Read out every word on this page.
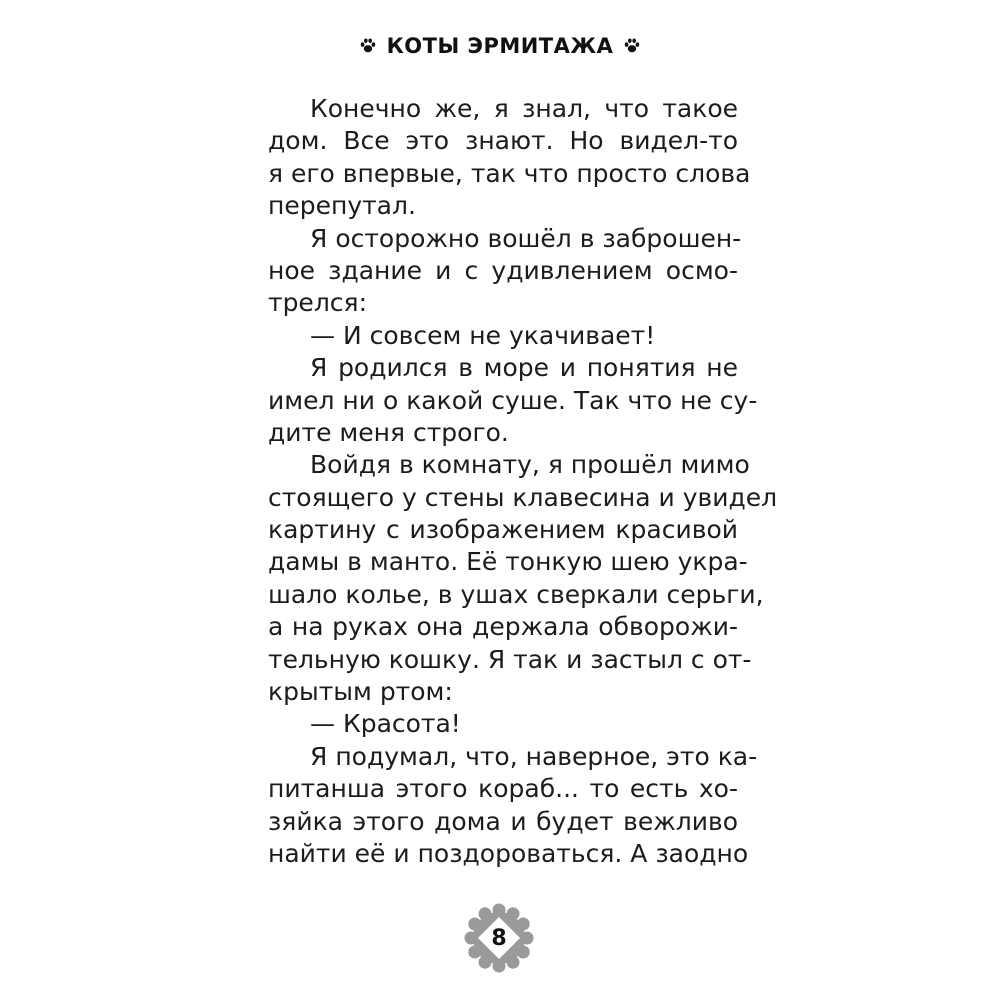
КОТЫ ЭРМИТАЖА
Конечно же, я знал, что такое
дом. Все это знают. Но видел-то
я его впервые, так что просто слова
перепутал.
Я осторожно вошёл в заброшен-
ное здание и с удивлением осмо-
трелся:
— И совсем не укачивает!
Я родился в море и понятия не
имел ни о какой суше. Так что не су-
дите меня строго.
Войдя в комнату, я прошёл мимо
стоящего у стены клавесина и увидел
картину с изображением красивой
дамы в манто. Её тонкую шею укра-
шало колье, в ушах сверкали серьги,
а на руках она держала обворожи-
тельную кошку. Я так и застыл с от-
крытым ртом:
— Красота!
Я подумал, что, наверное, это ка-
питанша этого кораб... то есть хо-
зяйка этого дома и будет вежливо
найти её и поздороваться. А заодно
8
